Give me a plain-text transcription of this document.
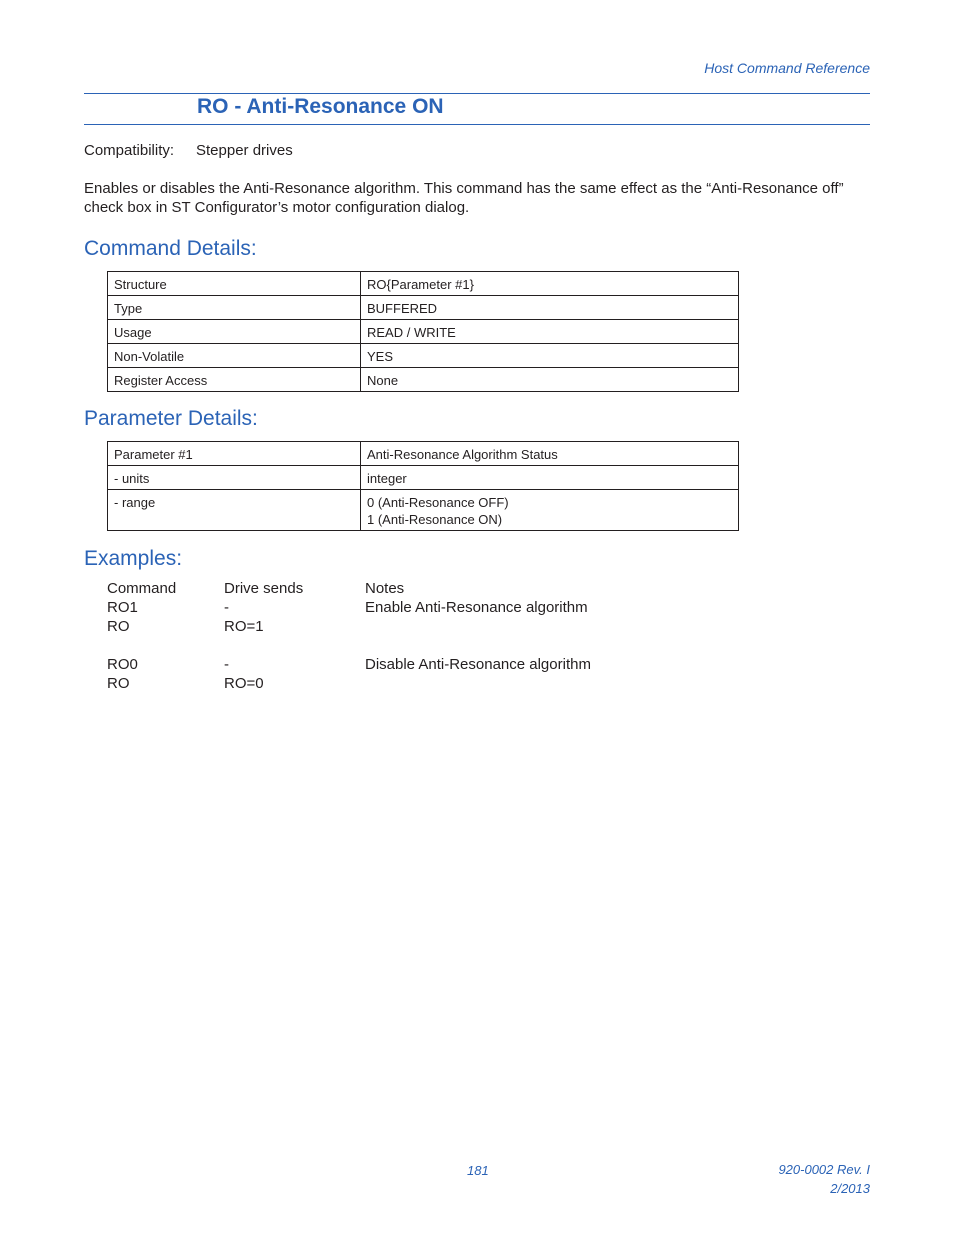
Host Command Reference
RO - Anti-Resonance ON
Compatibility: Stepper drives
Enables or disables the Anti-Resonance algorithm. This command has the same effect as the “Anti-Resonance off” check box in ST Configurator’s motor configuration dialog.
Command Details:
Structure	RO{Parameter #1}
Type	BUFFERED
Usage	READ / WRITE
Non-Volatile	YES
Register Access	None
Parameter Details:
Parameter #1	Anti-Resonance Algorithm Status
- units	integer
- range	0 (Anti-Resonance OFF)
1 (Anti-Resonance ON)
Examples:
Command	Drive sends	Notes
RO1	-	Enable Anti-Resonance algorithm
RO	RO=1
RO0	-	Disable Anti-Resonance algorithm
RO	RO=0
181	920-0002 Rev. I
2/2013
